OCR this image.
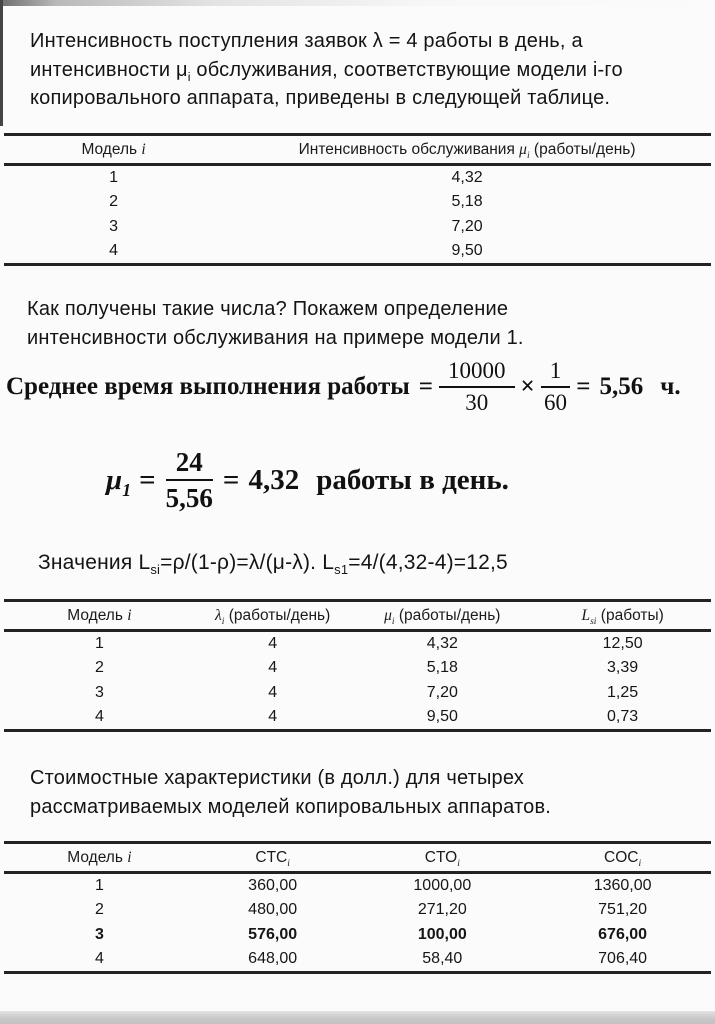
Интенсивность поступления заявок λ = 4 работы в день, а
интенсивности $\mu_i$ обслуживания, соответствующие модели i-го
копировального аппарата, приведены в следующей таблице.
Модель i	Интенсивность обслуживания $\mu_i$ (работы/день)
1	4,32
2	5,18
3	7,20
4	9,50
Как получены такие числа? Покажем определение
интенсивности обслуживания на примере модели 1.
Среднее время выполнения работы = $\frac{10000}{30} \times \frac{1}{60} = 5,56$ ч.
$\mu_1 = \frac{24}{5,56} = 4,32$ работы в день.
Значения $L_{si}=\rho/(1-\rho)=\lambda/(\mu-\lambda)$. $L_{s1}=4/(4,32-4)=12,5$
Модель i	$\lambda_i$ (работы/день)	$\mu_i$ (работы/день)	$L_{si}$ (работы)
1	4	4,32	12,50
2	4	5,18	3,39
3	4	7,20	1,25
4	4	9,50	0,73
Стоимостные характеристики (в долл.) для четырех
рассматриваемых моделей копировальных аппаратов.
Модель i	$CTC_i$	$CTO_i$	$COC_i$
1	360,00	1000,00	1360,00
2	480,00	271,20	751,20
3	576,00	100,00	676,00
4	648,00	58,40	706,40
